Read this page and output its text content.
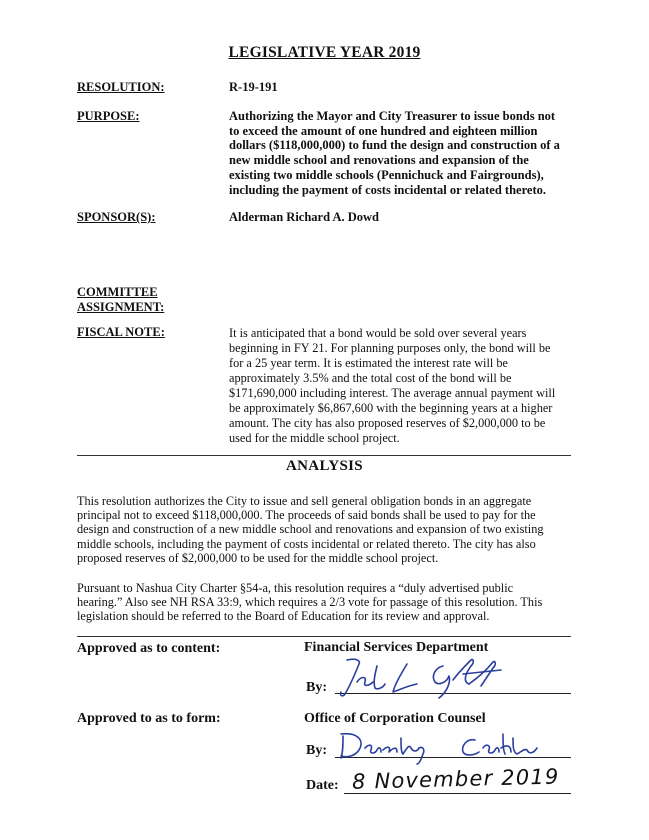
LEGISLATIVE YEAR 2019
RESOLUTION:	R-19-191
PURPOSE:	Authorizing the Mayor and City Treasurer to issue bonds not
to exceed the amount of one hundred and eighteen million
dollars ($118,000,000) to fund the design and construction of a
new middle school and renovations and expansion of the
existing two middle schools (Pennichuck and Fairgrounds),
including the payment of costs incidental or related thereto.
SPONSOR(S):	Alderman Richard A. Dowd
COMMITTEE
ASSIGNMENT:
FISCAL NOTE:	It is anticipated that a bond would be sold over several years
beginning in FY 21. For planning purposes only, the bond will be
for a 25 year term. It is estimated the interest rate will be
approximately 3.5% and the total cost of the bond will be
$171,690,000 including interest. The average annual payment will
be approximately $6,867,600 with the beginning years at a higher
amount. The city has also proposed reserves of $2,000,000 to be
used for the middle school project.
ANALYSIS
This resolution authorizes the City to issue and sell general obligation bonds in an aggregate
principal not to exceed $118,000,000. The proceeds of said bonds shall be used to pay for the
design and construction of a new middle school and renovations and expansion of two existing
middle schools, including the payment of costs incidental or related thereto. The city has also
proposed reserves of $2,000,000 to be used for the middle school project.
Pursuant to Nashua City Charter §54-a, this resolution requires a “duly advertised public
hearing.” Also see NH RSA 33:9, which requires a 2/3 vote for passage of this resolution. This
legislation should be referred to the Board of Education for its review and approval.
Approved as to content:	Financial Services Department
By:
Approved to as to form:	Office of Corporation Counsel
By:
Date: 8 November 2019
